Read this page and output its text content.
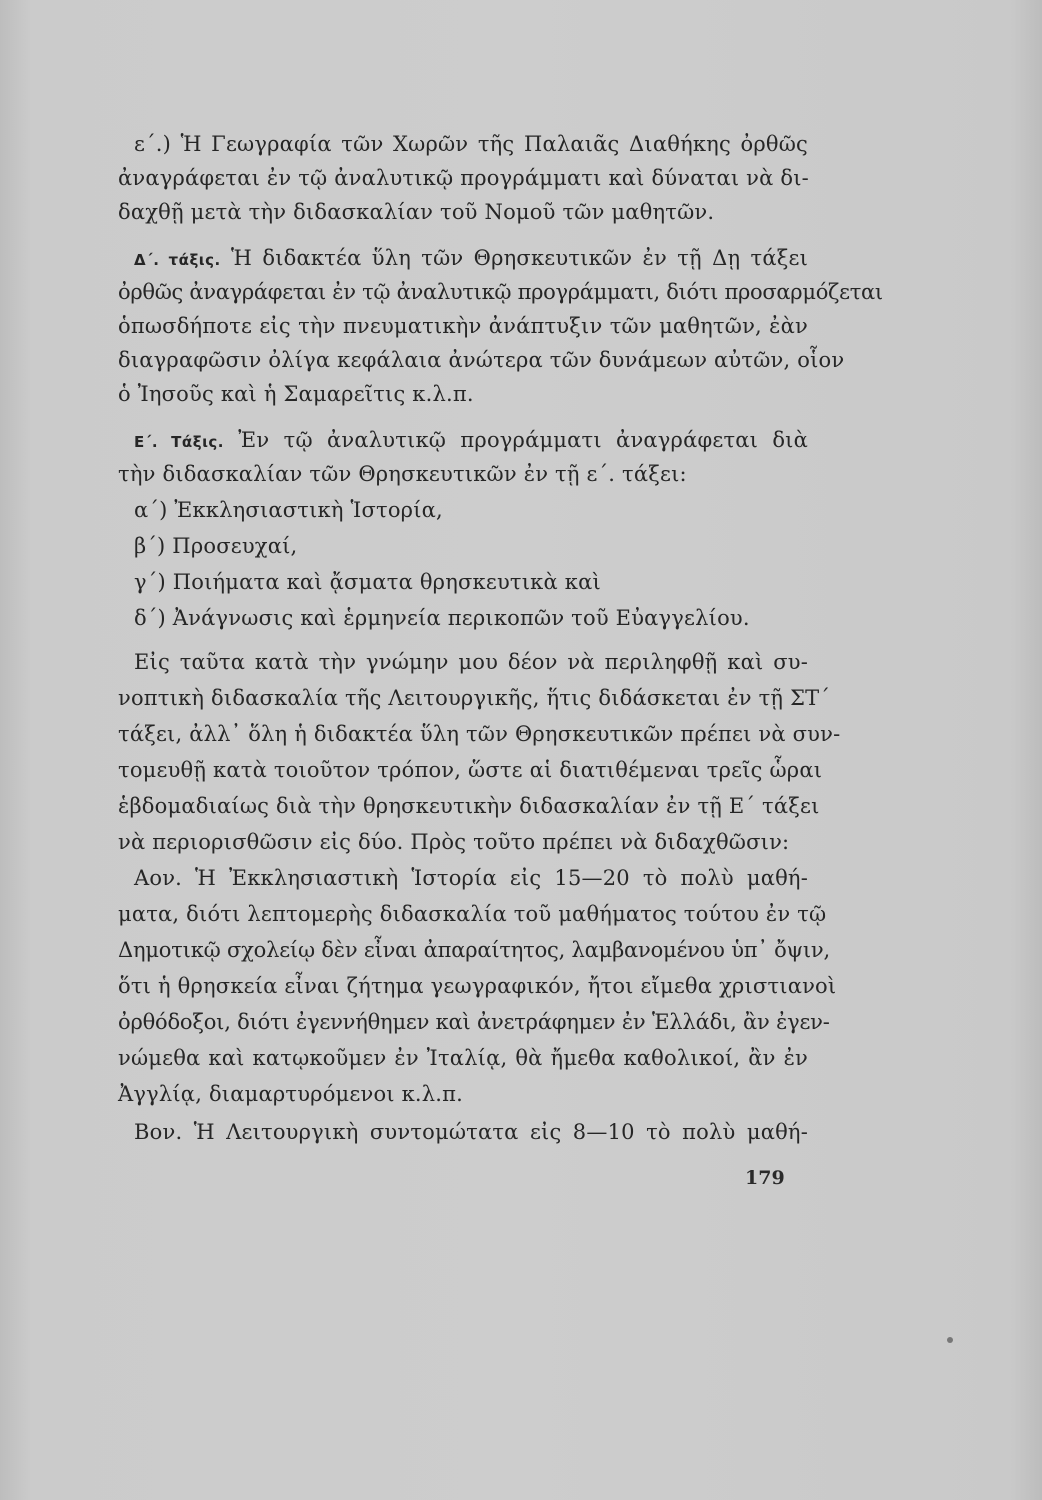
ε΄.) Ἡ Γεωγραφία τῶν Χωρῶν τῆς Παλαιᾶς Διαθήκης ὀρθῶς
ἀναγράφεται ἐν τῷ ἀναλυτικῷ προγράμματι καὶ δύναται νὰ δι-
δαχθῇ μετὰ τὴν διδασκαλίαν τοῦ Νομοῦ τῶν μαθητῶν.
Δ΄. τάξις. Ἡ διδακτέα ὕλη τῶν Θρησκευτικῶν ἐν τῇ Δῃ τάξει
ὀρθῶς ἀναγράφεται ἐν τῷ ἀναλυτικῷ προγράμματι, διότι προσαρμόζεται
ὁπωσδήποτε εἰς τὴν πνευματικὴν ἀνάπτυξιν τῶν μαθητῶν, ἐὰν
διαγραφῶσιν ὀλίγα κεφάλαια ἀνώτερα τῶν δυνάμεων αὐτῶν, οἷον
ὁ Ἰησοῦς καὶ ἡ Σαμαρεῖτις κ.λ.π.
Ε΄. Τάξις. Ἐν τῷ ἀναλυτικῷ προγράμματι ἀναγράφεται διὰ
τὴν διδασκαλίαν τῶν Θρησκευτικῶν ἐν τῇ ε΄. τάξει:
α΄) Ἐκκλησιαστικὴ Ἱστορία,
β΄) Προσευχαί,
γ΄) Ποιήματα καὶ ᾄσματα θρησκευτικὰ καὶ
δ΄) Ἀνάγνωσις καὶ ἑρμηνεία περικοπῶν τοῦ Εὐαγγελίου.
Εἰς ταῦτα κατὰ τὴν γνώμην μου δέον νὰ περιληφθῇ καὶ συ-
νοπτικὴ διδασκαλία τῆς Λειτουργικῆς, ἥτις διδάσκεται ἐν τῇ ΣΤ΄
τάξει, ἀλλ᾽ ὅλη ἡ διδακτέα ὕλη τῶν Θρησκευτικῶν πρέπει νὰ συν-
τομευθῇ κατὰ τοιοῦτον τρόπον, ὥστε αἱ διατιθέμεναι τρεῖς ὧραι
ἑβδομαδιαίως διὰ τὴν θρησκευτικὴν διδασκαλίαν ἐν τῇ Ε΄ τάξει
νὰ περιορισθῶσιν εἰς δύο. Πρὸς τοῦτο πρέπει νὰ διδαχθῶσιν:
Αον. Ἡ Ἐκκλησιαστικὴ Ἱστορία εἰς 15—20 τὸ πολὺ μαθή-
ματα, διότι λεπτομερὴς διδασκαλία τοῦ μαθήματος τούτου ἐν τῷ
Δημοτικῷ σχολείῳ δὲν εἶναι ἀπαραίτητος, λαμβανομένου ὑπ᾽ ὄψιν,
ὅτι ἡ θρησκεία εἶναι ζήτημα γεωγραφικόν, ἤτοι εἴμεθα χριστιανοὶ
ὀρθόδοξοι, διότι ἐγεννήθημεν καὶ ἀνετράφημεν ἐν Ἑλλάδι, ἂν ἐγεν-
νώμεθα καὶ κατῳκοῦμεν ἐν Ἰταλίᾳ, θὰ ἤμεθα καθολικοί, ἂν ἐν
Ἀγγλίᾳ, διαμαρτυρόμενοι κ.λ.π.
Βον. Ἡ Λειτουργικὴ συντομώτατα εἰς 8—10 τὸ πολὺ μαθή-
179
